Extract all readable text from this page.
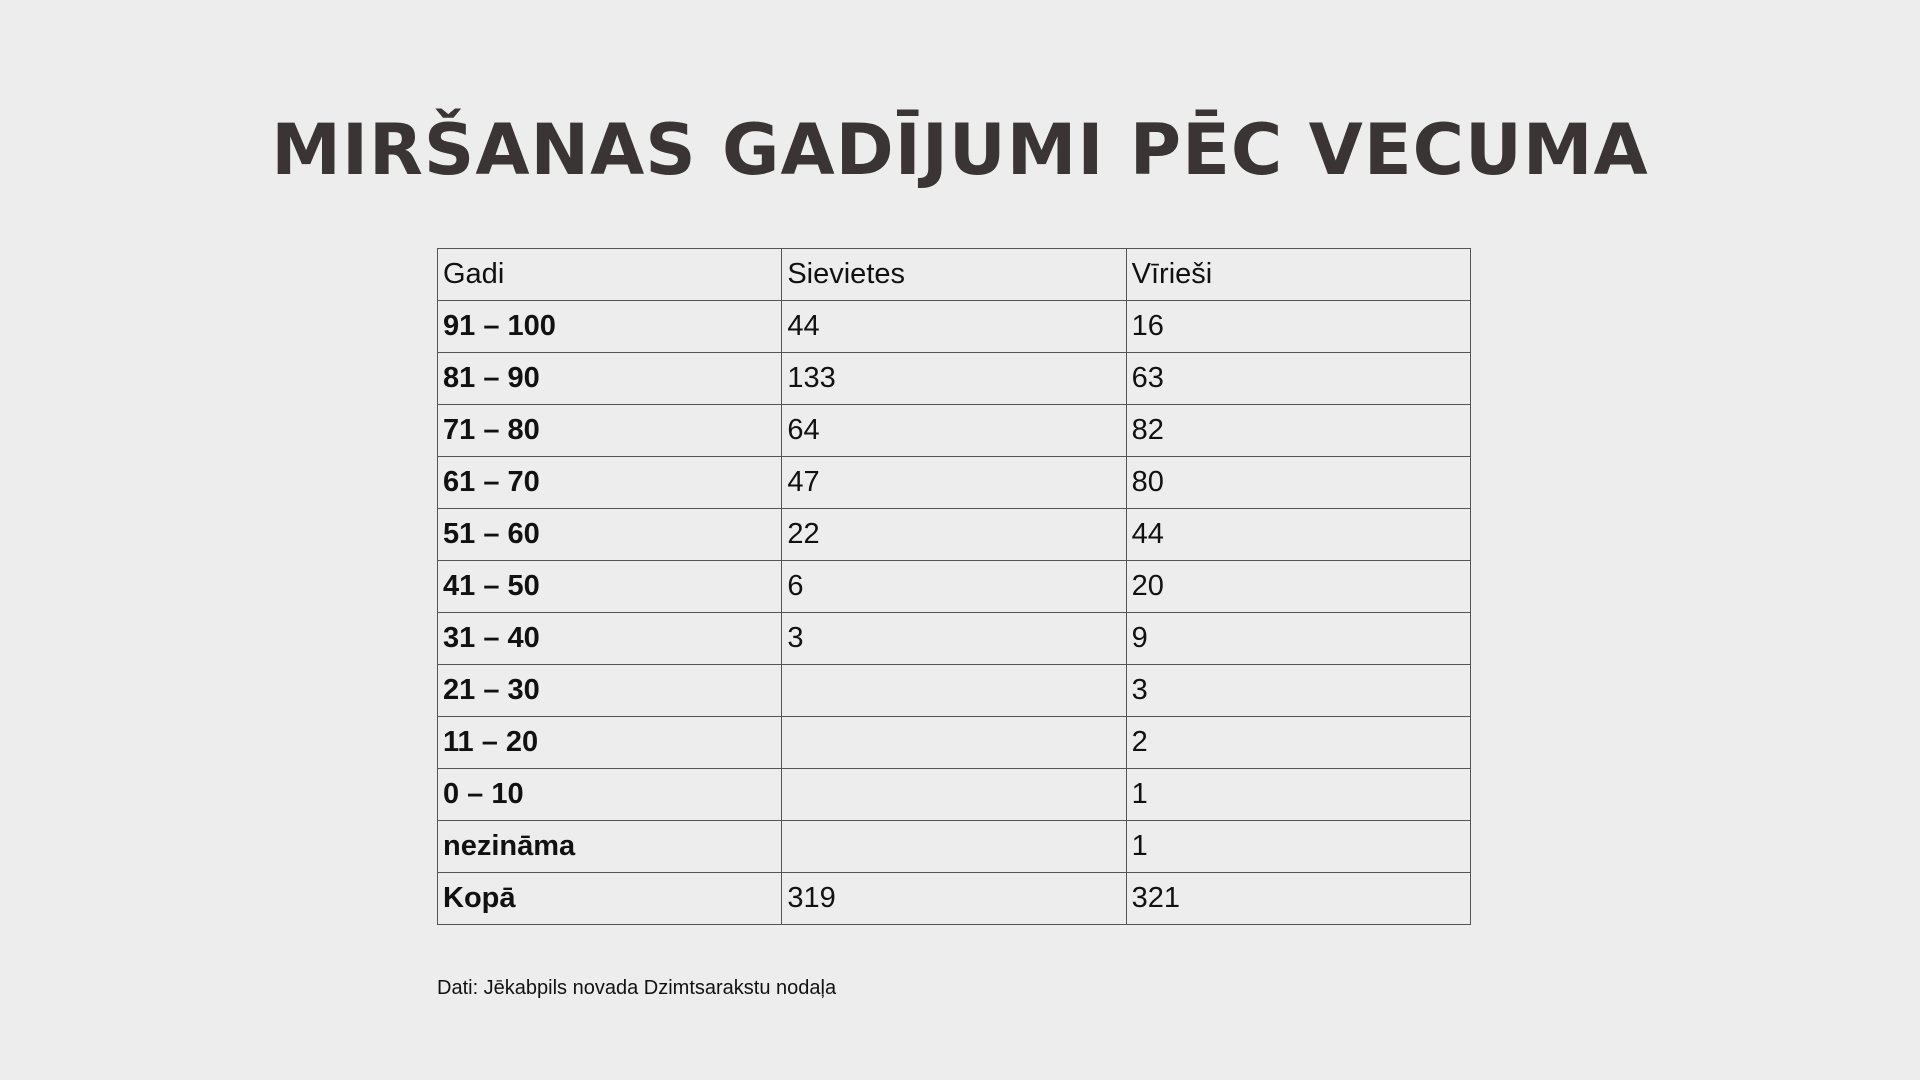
MIRŠANAS GADĪJUMI PĒC VECUMA
Gadi	Sievietes	Vīrieši
91 – 100	44	16
81 – 90	133	63
71 – 80	64	82
61 – 70	47	80
51 – 60	22	44
41 – 50	6	20
31 – 40	3	9
21 – 30		3
11 – 20		2
0 – 10		1
nezināma		1
Kopā	319	321

Dati: Jēkabpils novada Dzimtsarakstu nodaļa
